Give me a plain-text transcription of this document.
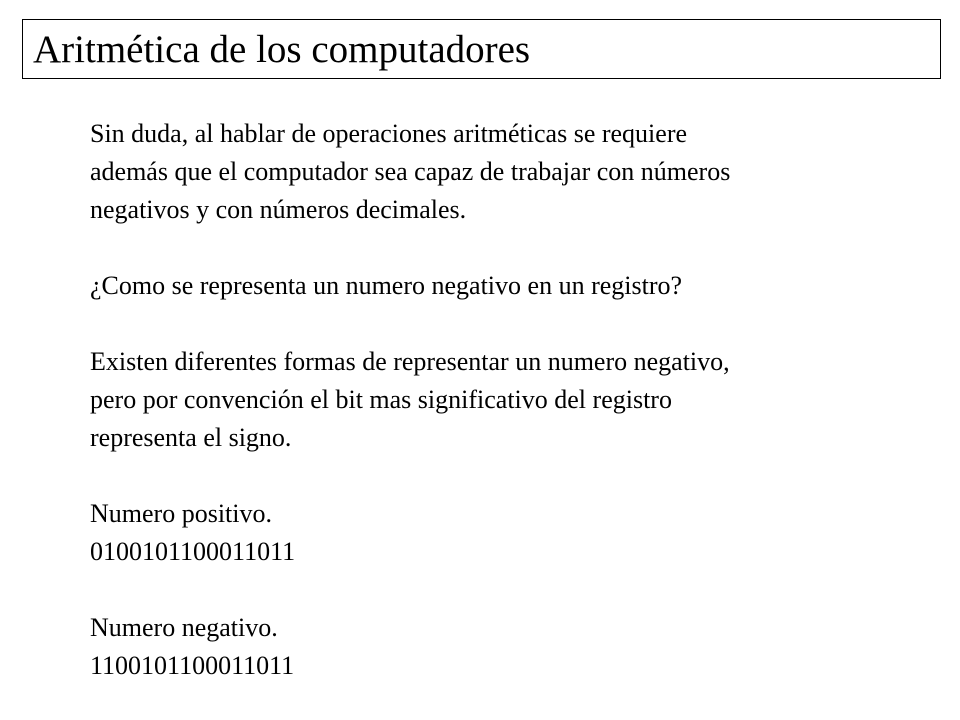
Aritmética de los computadores

Sin duda, al hablar de operaciones aritméticas se requiere
además que el computador sea capaz de trabajar con números
negativos y con números decimales.

¿Como se representa un numero negativo en un registro?

Existen diferentes formas de representar un numero negativo,
pero por convención el bit mas significativo del registro
representa el signo.

Numero positivo.
0100101100011011

Numero negativo.
1100101100011011
